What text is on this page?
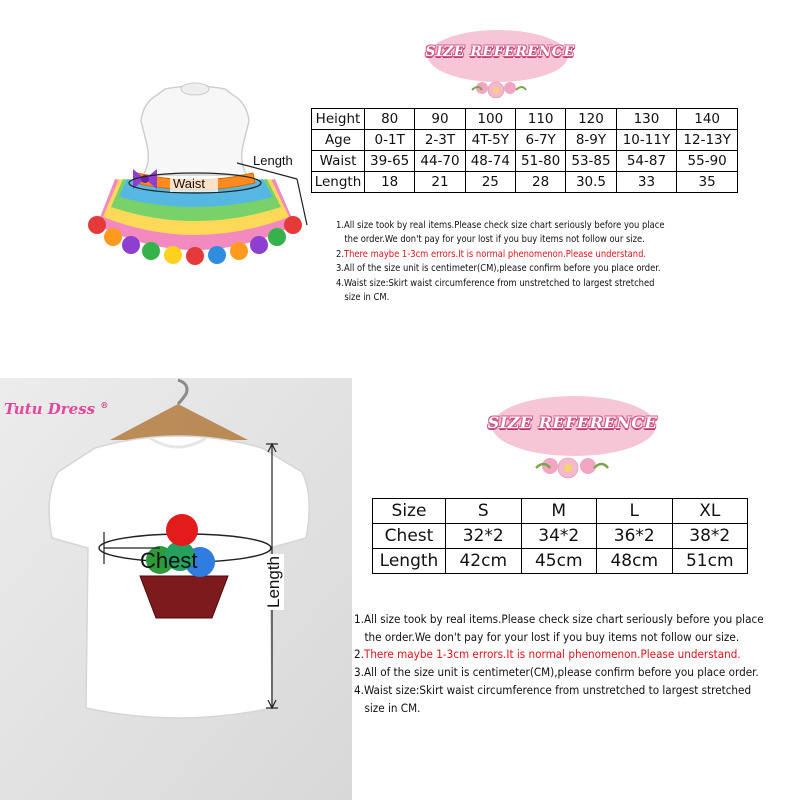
Waist
Length
SIZE REFERENCE
Height	80	90	100	110	120	130	140
Age	0-1T	2-3T	4T-5Y	6-7Y	8-9Y	10-11Y	12-13Y
Waist	39-65	44-70	48-74	51-80	53-85	54-87	55-90
Length	18	21	25	28	30.5	33	35

1.All size took by real items.Please check size chart seriously before you place

the order.We don't pay for your lost if you buy items not follow our size.

2.There maybe 1-3cm errors.It is normal phenomenon.Please understand.

3.All of the size unit is centimeter(CM),please confirm before you place order.

4.Waist size:Skirt waist circumference from unstretched to largest stretched

size in CM.

Tutu Dress ®
Chest	Length
SIZE REFERENCE
Size	S	M	L	XL
Chest	32*2	34*2	36*2	38*2
Length	42cm	45cm	48cm	51cm

1.All size took by real items.Please check size chart seriously before you place

the order.We don't pay for your lost if you buy items not follow our size.

2.There maybe 1-3cm errors.It is normal phenomenon.Please understand.

3.All of the size unit is centimeter(CM),please confirm before you place order.

4.Waist size:Skirt waist circumference from unstretched to largest stretched

size in CM.
